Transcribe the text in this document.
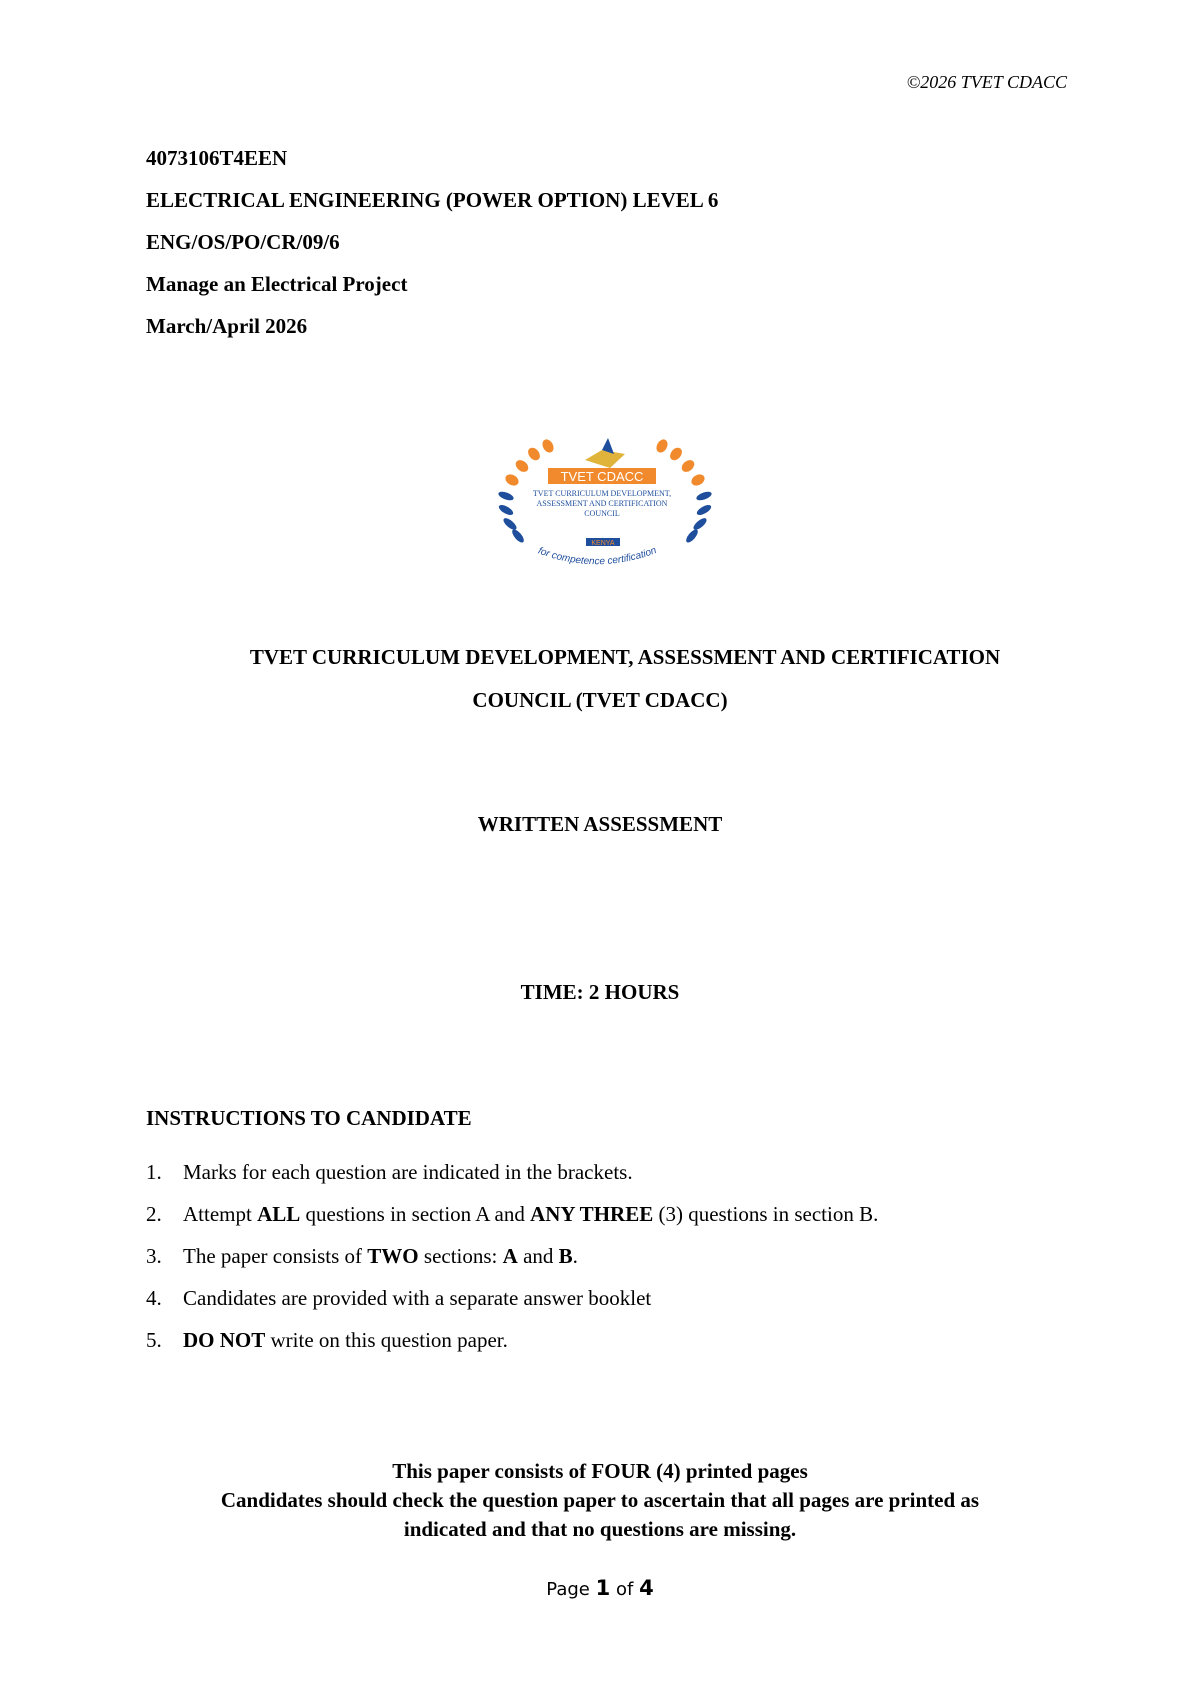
©2026 TVET CDACC
4073106T4EEN
ELECTRICAL ENGINEERING (POWER OPTION) LEVEL 6
ENG/OS/PO/CR/09/6
Manage an Electrical Project
March/April 2026
TVET CDACC
TVET CURRICULUM DEVELOPMENT,
ASSESSMENT AND CERTIFICATION
COUNCIL
KENYA
for competence certification
TVET CURRICULUM DEVELOPMENT, ASSESSMENT AND CERTIFICATION
COUNCIL (TVET CDACC)
WRITTEN ASSESSMENT
TIME: 2 HOURS
INSTRUCTIONS TO CANDIDATE
1.	Marks for each question are indicated in the brackets.
2.	Attempt ALL questions in section A and ANY THREE (3) questions in section B.
3.	The paper consists of TWO sections: A and B.
4.	Candidates are provided with a separate answer booklet
5.	DO NOT write on this question paper.
This paper consists of FOUR (4) printed pages
Candidates should check the question paper to ascertain that all pages are printed as
indicated and that no questions are missing.
Page 1 of 4
